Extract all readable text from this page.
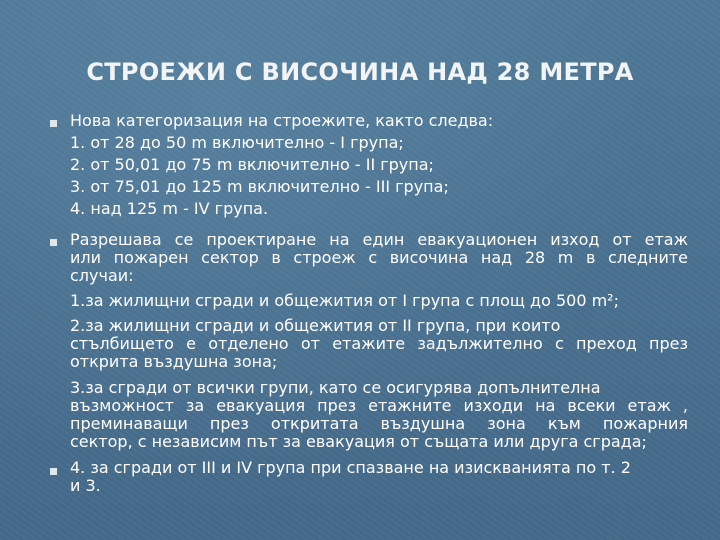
СТРОЕЖИ С ВИСОЧИНА НАД 28 МЕТРА
Нова категоризация на строежите, както следва:
1. от 28 до 50 m включително - I група;
2. от 50,01 до 75 m включително - II група;
3. от 75,01 до 125 m включително - III група;
4. над 125 m - IV група.
Разрешава се проектиране на един евакуационен изход от етаж
или пожарен сектор в строеж с височина над 28 m в следните
случаи:
1.за жилищни сгради и общежития от I група с площ до 500 m²;
2.за жилищни сгради и общежития от II група, при които
стълбището е отделено от етажите задължително с преход през
открита въздушна зона;
3.за сгради от всички групи, като се осигурява допълнителна
възможност за евакуация през етажните изходи на всеки етаж ,
преминаващи през откритата въздушна зона към пожарния
сектор, с независим път за евакуация от същата или друга сграда;
4. за сгради от III и IV група при спазване на изискванията по т. 2
и 3.
